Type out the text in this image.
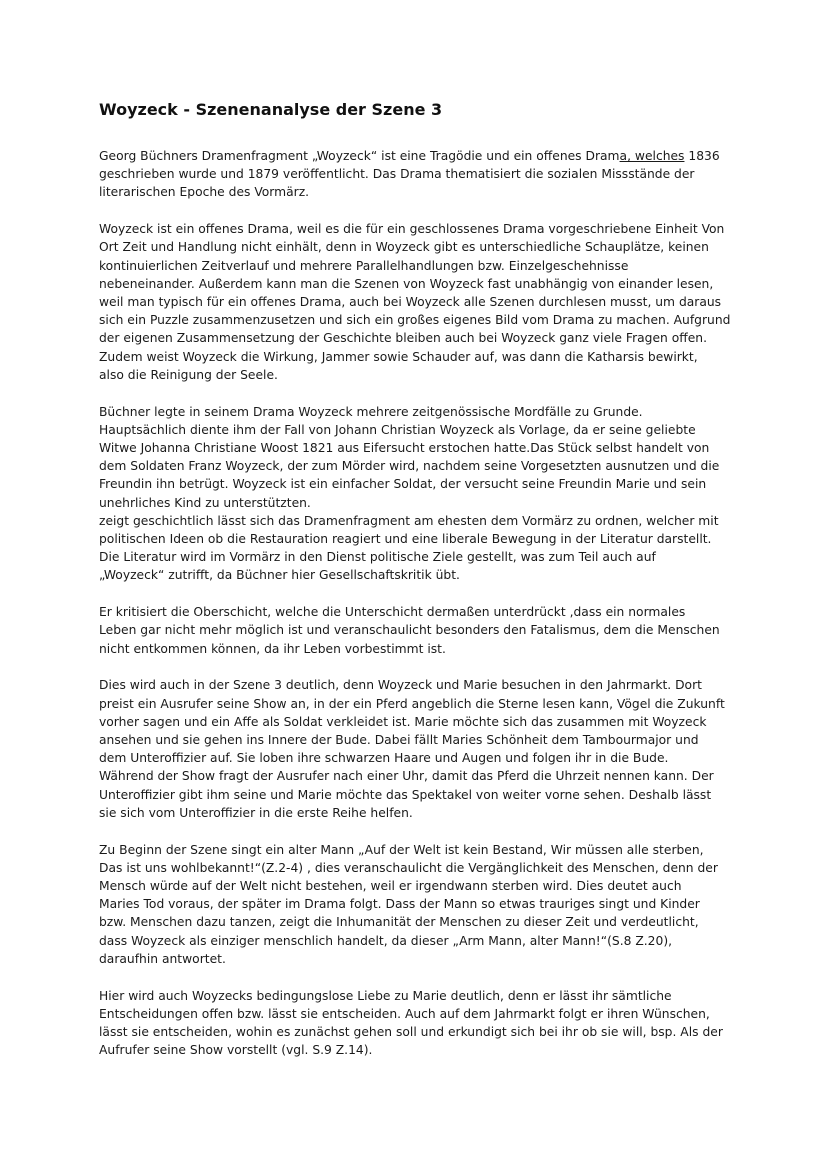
Woyzeck - Szenenanalyse der Szene 3

Georg Büchners Dramenfragment „Woyzeck“ ist eine Tragödie und ein offenes Drama, welches 1836
geschrieben wurde und 1879 veröffentlicht. Das Drama thematisiert die sozialen Missstände der
literarischen Epoche des Vormärz.

Woyzeck ist ein offenes Drama, weil es die für ein geschlossenes Drama vorgeschriebene Einheit Von
Ort Zeit und Handlung nicht einhält, denn in Woyzeck gibt es unterschiedliche Schauplätze, keinen
kontinuierlichen Zeitverlauf und mehrere Parallelhandlungen bzw. Einzelgeschehnisse
nebeneinander. Außerdem kann man die Szenen von Woyzeck fast unabhängig von einander lesen,
weil man typisch für ein offenes Drama, auch bei Woyzeck alle Szenen durchlesen musst, um daraus
sich ein Puzzle zusammenzusetzen und sich ein großes eigenes Bild vom Drama zu machen. Aufgrund
der eigenen Zusammensetzung der Geschichte bleiben auch bei Woyzeck ganz viele Fragen offen.
Zudem weist Woyzeck die Wirkung, Jammer sowie Schauder auf, was dann die Katharsis bewirkt,
also die Reinigung der Seele.

Büchner legte in seinem Drama Woyzeck mehrere zeitgenössische Mordfälle zu Grunde.
Hauptsächlich diente ihm der Fall von Johann Christian Woyzeck als Vorlage, da er seine geliebte
Witwe Johanna Christiane Woost 1821 aus Eifersucht erstochen hatte.Das Stück selbst handelt von
dem Soldaten Franz Woyzeck, der zum Mörder wird, nachdem seine Vorgesetzten ausnutzen und die
Freundin ihn betrügt. Woyzeck ist ein einfacher Soldat, der versucht seine Freundin Marie und sein
unehrliches Kind zu unterstützten.
zeigt geschichtlich lässt sich das Dramenfragment am ehesten dem Vormärz zu ordnen, welcher mit
politischen Ideen ob die Restauration reagiert und eine liberale Bewegung in der Literatur darstellt.
Die Literatur wird im Vormärz in den Dienst politische Ziele gestellt, was zum Teil auch auf
„Woyzeck“ zutrifft, da Büchner hier Gesellschaftskritik übt.

Er kritisiert die Oberschicht, welche die Unterschicht dermaßen unterdrückt ,dass ein normales
Leben gar nicht mehr möglich ist und veranschaulicht besonders den Fatalismus, dem die Menschen
nicht entkommen können, da ihr Leben vorbestimmt ist.

Dies wird auch in der Szene 3 deutlich, denn Woyzeck und Marie besuchen in den Jahrmarkt. Dort
preist ein Ausrufer seine Show an, in der ein Pferd angeblich die Sterne lesen kann, Vögel die Zukunft
vorher sagen und ein Affe als Soldat verkleidet ist. Marie möchte sich das zusammen mit Woyzeck
ansehen und sie gehen ins Innere der Bude. Dabei fällt Maries Schönheit dem Tambourmajor und
dem Unteroffizier auf. Sie loben ihre schwarzen Haare und Augen und folgen ihr in die Bude.
Während der Show fragt der Ausrufer nach einer Uhr, damit das Pferd die Uhrzeit nennen kann. Der
Unteroffizier gibt ihm seine und Marie möchte das Spektakel von weiter vorne sehen. Deshalb lässt
sie sich vom Unteroffizier in die erste Reihe helfen.

Zu Beginn der Szene singt ein alter Mann „Auf der Welt ist kein Bestand, Wir müssen alle sterben,
Das ist uns wohlbekannt!“(Z.2-4) , dies veranschaulicht die Vergänglichkeit des Menschen, denn der
Mensch würde auf der Welt nicht bestehen, weil er irgendwann sterben wird. Dies deutet auch
Maries Tod voraus, der später im Drama folgt. Dass der Mann so etwas trauriges singt und Kinder
bzw. Menschen dazu tanzen, zeigt die Inhumanität der Menschen zu dieser Zeit und verdeutlicht,
dass Woyzeck als einziger menschlich handelt, da dieser „Arm Mann, alter Mann!“(S.8 Z.20),
daraufhin antwortet.

Hier wird auch Woyzecks bedingungslose Liebe zu Marie deutlich, denn er lässt ihr sämtliche
Entscheidungen offen bzw. lässt sie entscheiden. Auch auf dem Jahrmarkt folgt er ihren Wünschen,
lässt sie entscheiden, wohin es zunächst gehen soll und erkundigt sich bei ihr ob sie will, bsp. Als der
Aufrufer seine Show vorstellt (vgl. S.9 Z.14).
